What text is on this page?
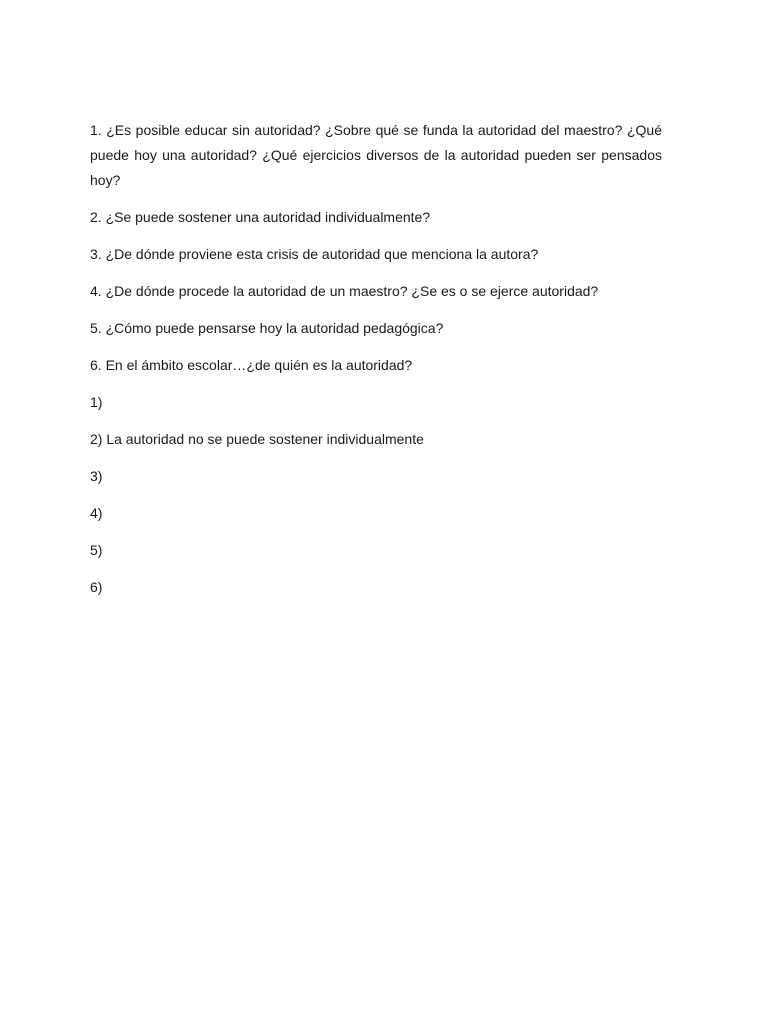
1. ¿Es posible educar sin autoridad? ¿Sobre qué se funda la autoridad del maestro? ¿Qué puede hoy una autoridad? ¿Qué ejercicios diversos de la autoridad pueden ser pensados hoy?

2. ¿Se puede sostener una autoridad individualmente?

3. ¿De dónde proviene esta crisis de autoridad que menciona la autora?

4. ¿De dónde procede la autoridad de un maestro? ¿Se es o se ejerce autoridad?

5. ¿Cómo puede pensarse hoy la autoridad pedagógica?

6. En el ámbito escolar…¿de quién es la autoridad?

1)

2) La autoridad no se puede sostener individualmente

3)

4)

5)

6)
